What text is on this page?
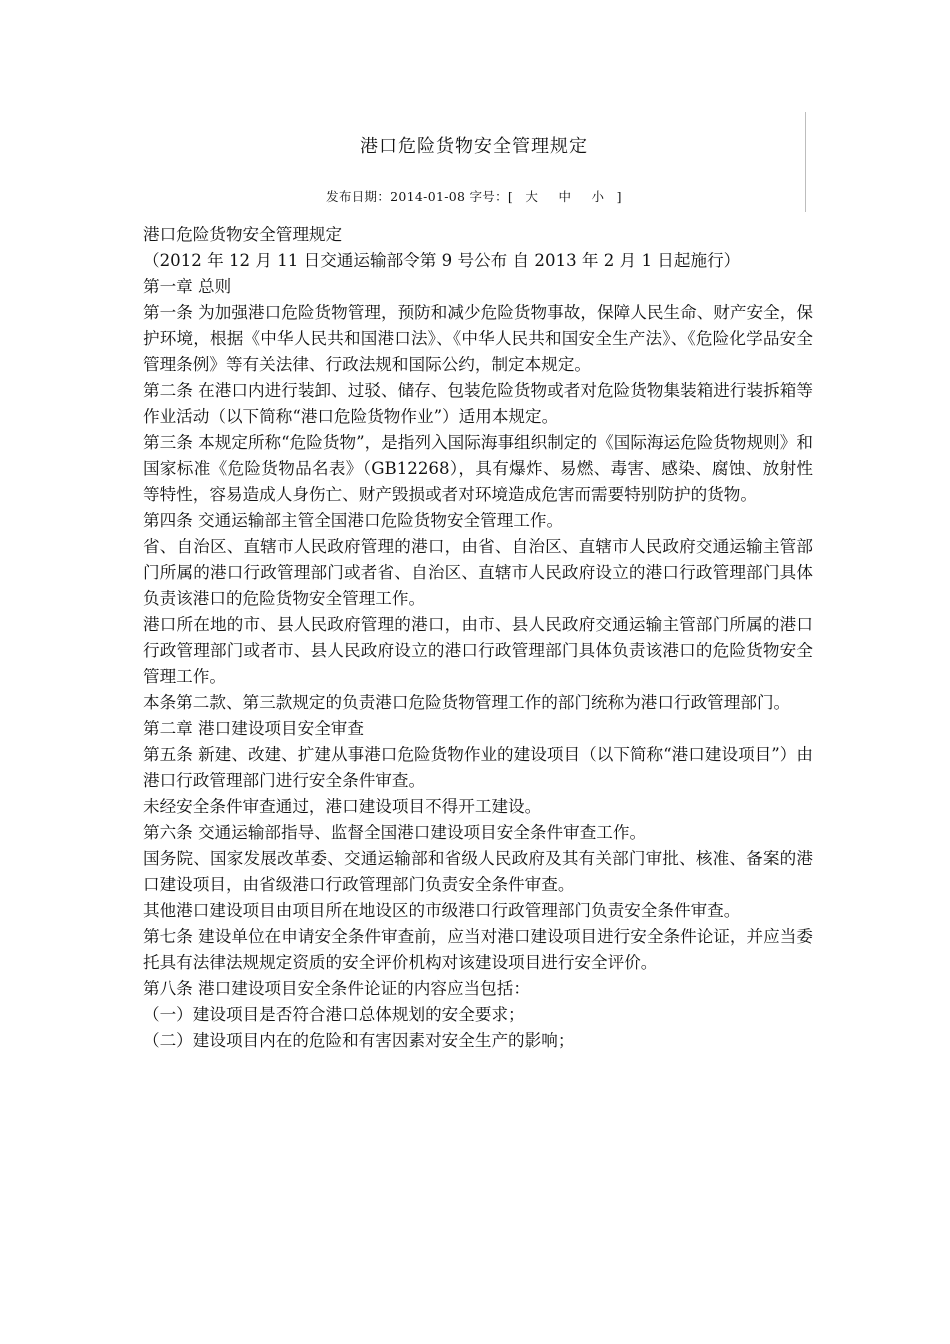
港口危险货物安全管理规定
发布日期：2014-01-08 字号：[ 大 中 小 ]

港口危险货物安全管理规定

（2012 年 12 月 11 日交通运输部令第 9 号公布 自 2013 年 2 月 1 日起施行）

第一章 总则

第一条 为加强港口危险货物管理，预防和减少危险货物事故，保障人民生命、财产安全，保护环境，根据《中华人民共和国港口法》、《中华人民共和国安全生产法》、《危险化学品安全管理条例》等有关法律、行政法规和国际公约，制定本规定。

第二条 在港口内进行装卸、过驳、储存、包装危险货物或者对危险货物集装箱进行装拆箱等作业活动（以下简称“港口危险货物作业”）适用本规定。

第三条 本规定所称“危险货物”，是指列入国际海事组织制定的《国际海运危险货物规则》和国家标准《危险货物品名表》（GB12268），具有爆炸、易燃、毒害、感染、腐蚀、放射性等特性，容易造成人身伤亡、财产毁损或者对环境造成危害而需要特别防护的货物。

第四条 交通运输部主管全国港口危险货物安全管理工作。

省、自治区、直辖市人民政府管理的港口，由省、自治区、直辖市人民政府交通运输主管部门所属的港口行政管理部门或者省、自治区、直辖市人民政府设立的港口行政管理部门具体负责该港口的危险货物安全管理工作。

港口所在地的市、县人民政府管理的港口，由市、县人民政府交通运输主管部门所属的港口行政管理部门或者市、县人民政府设立的港口行政管理部门具体负责该港口的危险货物安全管理工作。

本条第二款、第三款规定的负责港口危险货物管理工作的部门统称为港口行政管理部门。

第二章 港口建设项目安全审查

第五条 新建、改建、扩建从事港口危险货物作业的建设项目（以下简称“港口建设项目”）由港口行政管理部门进行安全条件审查。

未经安全条件审查通过，港口建设项目不得开工建设。

第六条 交通运输部指导、监督全国港口建设项目安全条件审查工作。

国务院、国家发展改革委、交通运输部和省级人民政府及其有关部门审批、核准、备案的港口建设项目，由省级港口行政管理部门负责安全条件审查。

其他港口建设项目由项目所在地设区的市级港口行政管理部门负责安全条件审查。

第七条 建设单位在申请安全条件审查前，应当对港口建设项目进行安全条件论证，并应当委托具有法律法规规定资质的安全评价机构对该建设项目进行安全评价。

第八条 港口建设项目安全条件论证的内容应当包括：

（一）建设项目是否符合港口总体规划的安全要求；

（二）建设项目内在的危险和有害因素对安全生产的影响；
